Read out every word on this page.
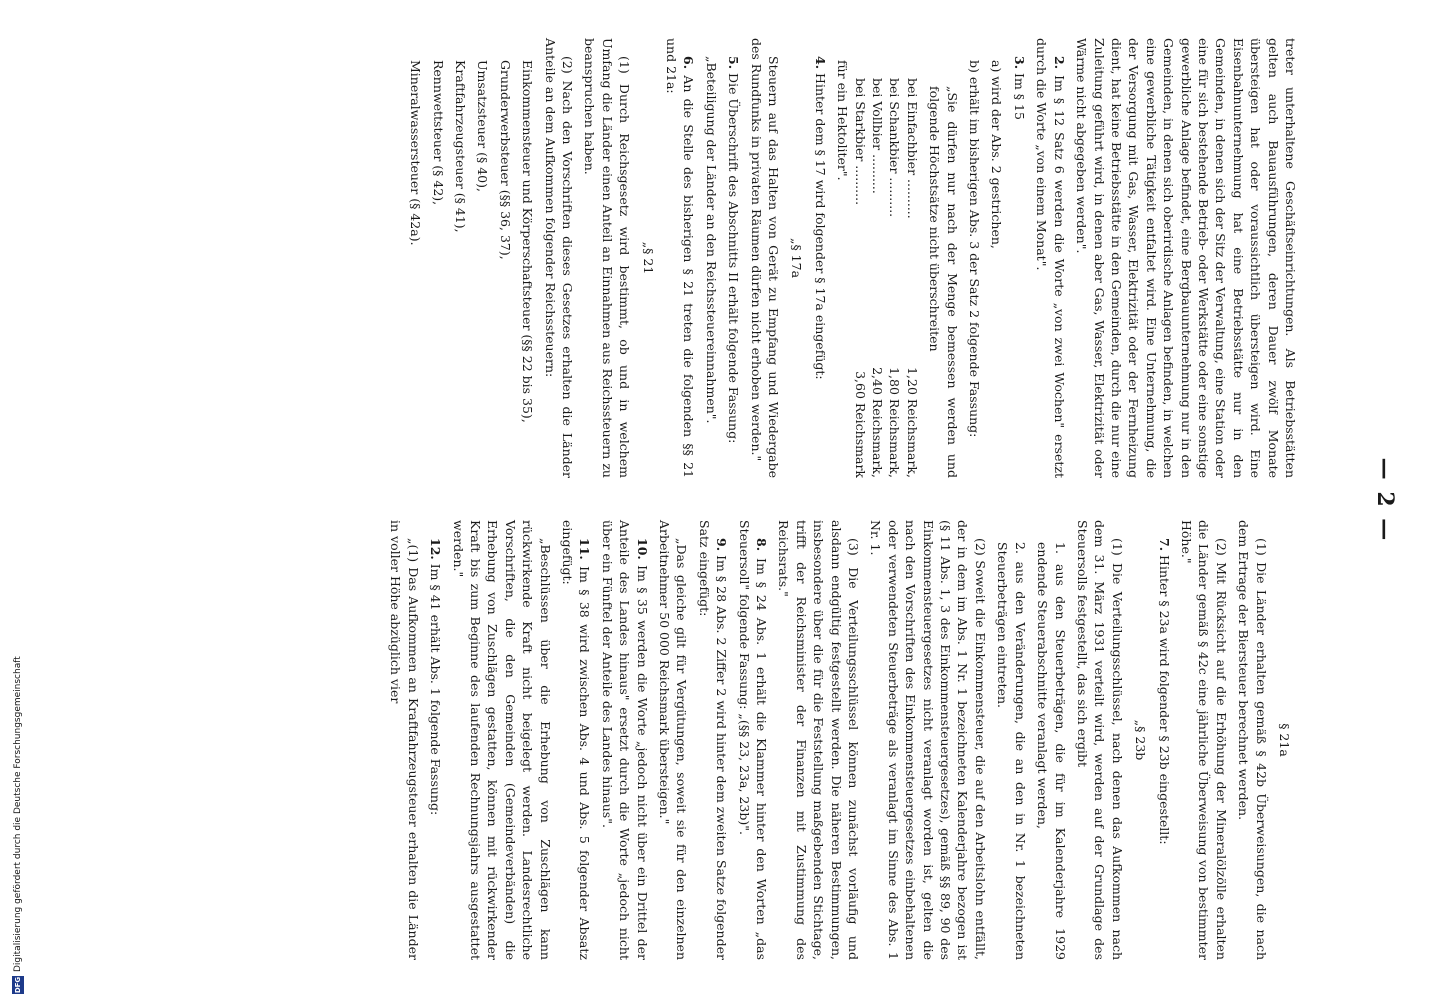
— 2 —

treter unterhaltene Geschäftseinrichtungen. Als Betriebsstätten gelten auch Bauausführungen, deren Dauer zwölf Monate übersteigen hat oder voraussichtlich übersteigen wird. Eine Eisenbahnunternehmung hat eine Betriebsstätte nur in den Gemeinden, in denen sich der Sitz der Verwaltung, eine Station oder eine für sich bestehende Betrieb- oder Werkstätte oder eine sonstige gewerbliche Anlage befindet, eine Bergbauunternehmung nur in den Gemeinden, in denen sich oberirdische Anlagen befinden, in welchen eine gewerbliche Tätigkeit entfaltet wird. Eine Unternehmung, die der Versorgung mit Gas, Wasser, Elektrizität oder der Fernheizung dient, hat keine Betriebsstätte in den Gemeinden, durch die nur eine Zuleitung geführt wird, in denen aber Gas, Wasser, Elektrizität oder Wärme nicht abgegeben werden".

2. Im § 12 Satz 6 werden die Worte „von zwei Wochen" ersetzt durch die Worte „von einem Monat".

3. Im § 15

a) wird der Abs. 2 gestrichen,

b) erhält im bisherigen Abs. 3 der Satz 2 folgende Fassung:

„Sie dürfen nur nach der Menge bemessen werden und folgende Höchstsätze nicht überschreiten

bei Einfachbier ..........
1,20 Reichsmark,
bei Schankbier ..........
1,80 Reichsmark,
bei Vollbier ..........
2,40 Reichsmark,
bei Starkbier ..........
3,60 Reichsmark

für ein Hektoliter".

4. Hinter dem § 17 wird folgender § 17a eingefügt:

„§ 17a

Steuern auf das Halten von Gerät zu Empfang und Wiedergabe des Rundfunks in privaten Räumen dürfen nicht erhoben werden."

5. Die Überschrift des Abschnitts II erhält folgende Fassung:

„Beteiligung der Länder an den Reichssteuereinnahmen".

6. An die Stelle des bisherigen § 21 treten die folgenden §§ 21 und 21a:

„§ 21

(1) Durch Reichsgesetz wird bestimmt, ob und in welchem Umfang die Länder einen Anteil an Einnahmen aus Reichssteuern zu beanspruchen haben.

(2) Nach den Vorschriften dieses Gesetzes erhalten die Länder Anteile an dem Aufkommen folgender Reichssteuern:

Einkommensteuer und Körperschaftsteuer (§§ 22 bis 35),

Grunderwerbsteuer (§§ 36, 37),

Umsatzsteuer (§ 40),

Kraftfahrzeugsteuer (§ 41),

Rennwettsteuer (§ 42),

Mineralwassersteuer (§ 42a).

§ 21a

(1) Die Länder erhalten gemäß § 42b Überweisungen, die nach dem Ertrage der Biersteuer berechnet werden.

(2) Mit Rücksicht auf die Erhöhung der Mineralölzölle erhalten die Länder gemäß § 42c eine jährliche Überweisung von bestimmter Höhe."

7. Hinter § 23a wird folgender § 23b eingestellt:

„§ 23b

(1) Die Verteilungsschlüssel, nach denen das Aufkommen nach dem 31. März 1931 verteilt wird, werden auf der Grundlage des Steuersolls festgestellt, das sich ergibt

1. aus den Steuerbeträgen, die für im Kalenderjahre 1929 endende Steuerabschnitte veranlagt werden,

2. aus den Veränderungen, die an den in Nr. 1 bezeichneten Steuerbeträgen eintreten.

(2) Soweit die Einkommensteuer, die auf den Arbeitslohn entfällt, der in dem im Abs. 1 Nr. 1 bezeichneten Kalenderjahre bezogen ist (§ 11 Abs. 1, 3 des Einkommensteuergesetzes), gemäß §§ 89, 90 des Einkommensteuergesetzes nicht veranlagt worden ist, gelten die nach den Vorschriften des Einkommensteuergesetzes einbehaltenen oder verwendeten Steuerbeträge als veranlagt im Sinne des Abs. 1 Nr. 1.

(3) Die Verteilungsschlüssel können zunächst vorläufig und alsdann endgültig festgestellt werden. Die näheren Bestimmungen, insbesondere über die für die Feststellung maßgebenden Stichtage, trifft der Reichsminister der Finanzen mit Zustimmung des Reichsrats."

8. Im § 24 Abs. 1 erhält die Klammer hinter den Worten „das Steuersoll" folgende Fassung: „(§§ 23, 23a, 23b)".

9. Im § 28 Abs. 2 Ziffer 2 wird hinter dem zweiten Satze folgender Satz eingefügt:

„Das gleiche gilt für Vergütungen, soweit sie für den einzelnen Arbeitnehmer 50 000 Reichsmark übersteigen."

10. Im § 35 werden die Worte „jedoch nicht über ein Drittel der Anteile des Landes hinaus" ersetzt durch die Worte „jedoch nicht über ein Fünftel der Anteile des Landes hinaus".

11. Im § 38 wird zwischen Abs. 4 und Abs. 5 folgender Absatz eingefügt:

„Beschlüssen über die Erhebung von Zuschlägen kann rückwirkende Kraft nicht beigelegt werden. Landesrechtliche Vorschriften, die den Gemeinden (Gemeindeverbänden) die Erhebung von Zuschlägen gestatten, können mit rückwirkender Kraft bis zum Beginne des laufenden Rechnungsjahrs ausgestattet werden."

12. Im § 41 erhält Abs. 1 folgende Fassung:

„(1) Das Aufkommen an Kraftfahrzeugsteuer erhalten die Länder in voller Höhe abzüglich vier

DFG
Digitalisierung gefördert durch die Deutsche Forschungsgemeinschaft
